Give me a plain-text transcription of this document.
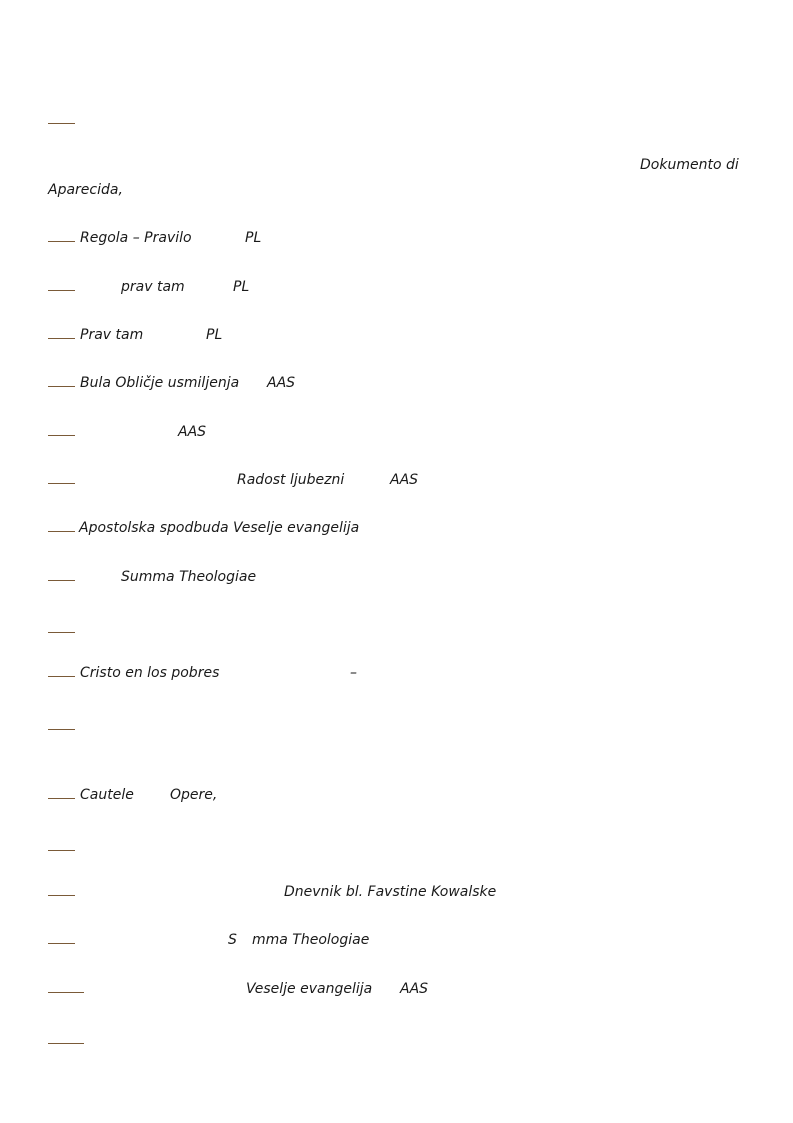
Dokumento di
Aparecida,
Regola – Pravilo	PL
prav tam	PL
Prav tam	PL
Bula Obličje usmiljenja AAS
AAS
Radost ljubezni	AAS
Apostolska spodbuda Veselje evangelija
Summa Theologiae
Cristo en los pobres	–
Cautele	Opere,
Dnevnik bl. Favstine Kowalske
S mma Theologiae
Veselje evangelija AAS
